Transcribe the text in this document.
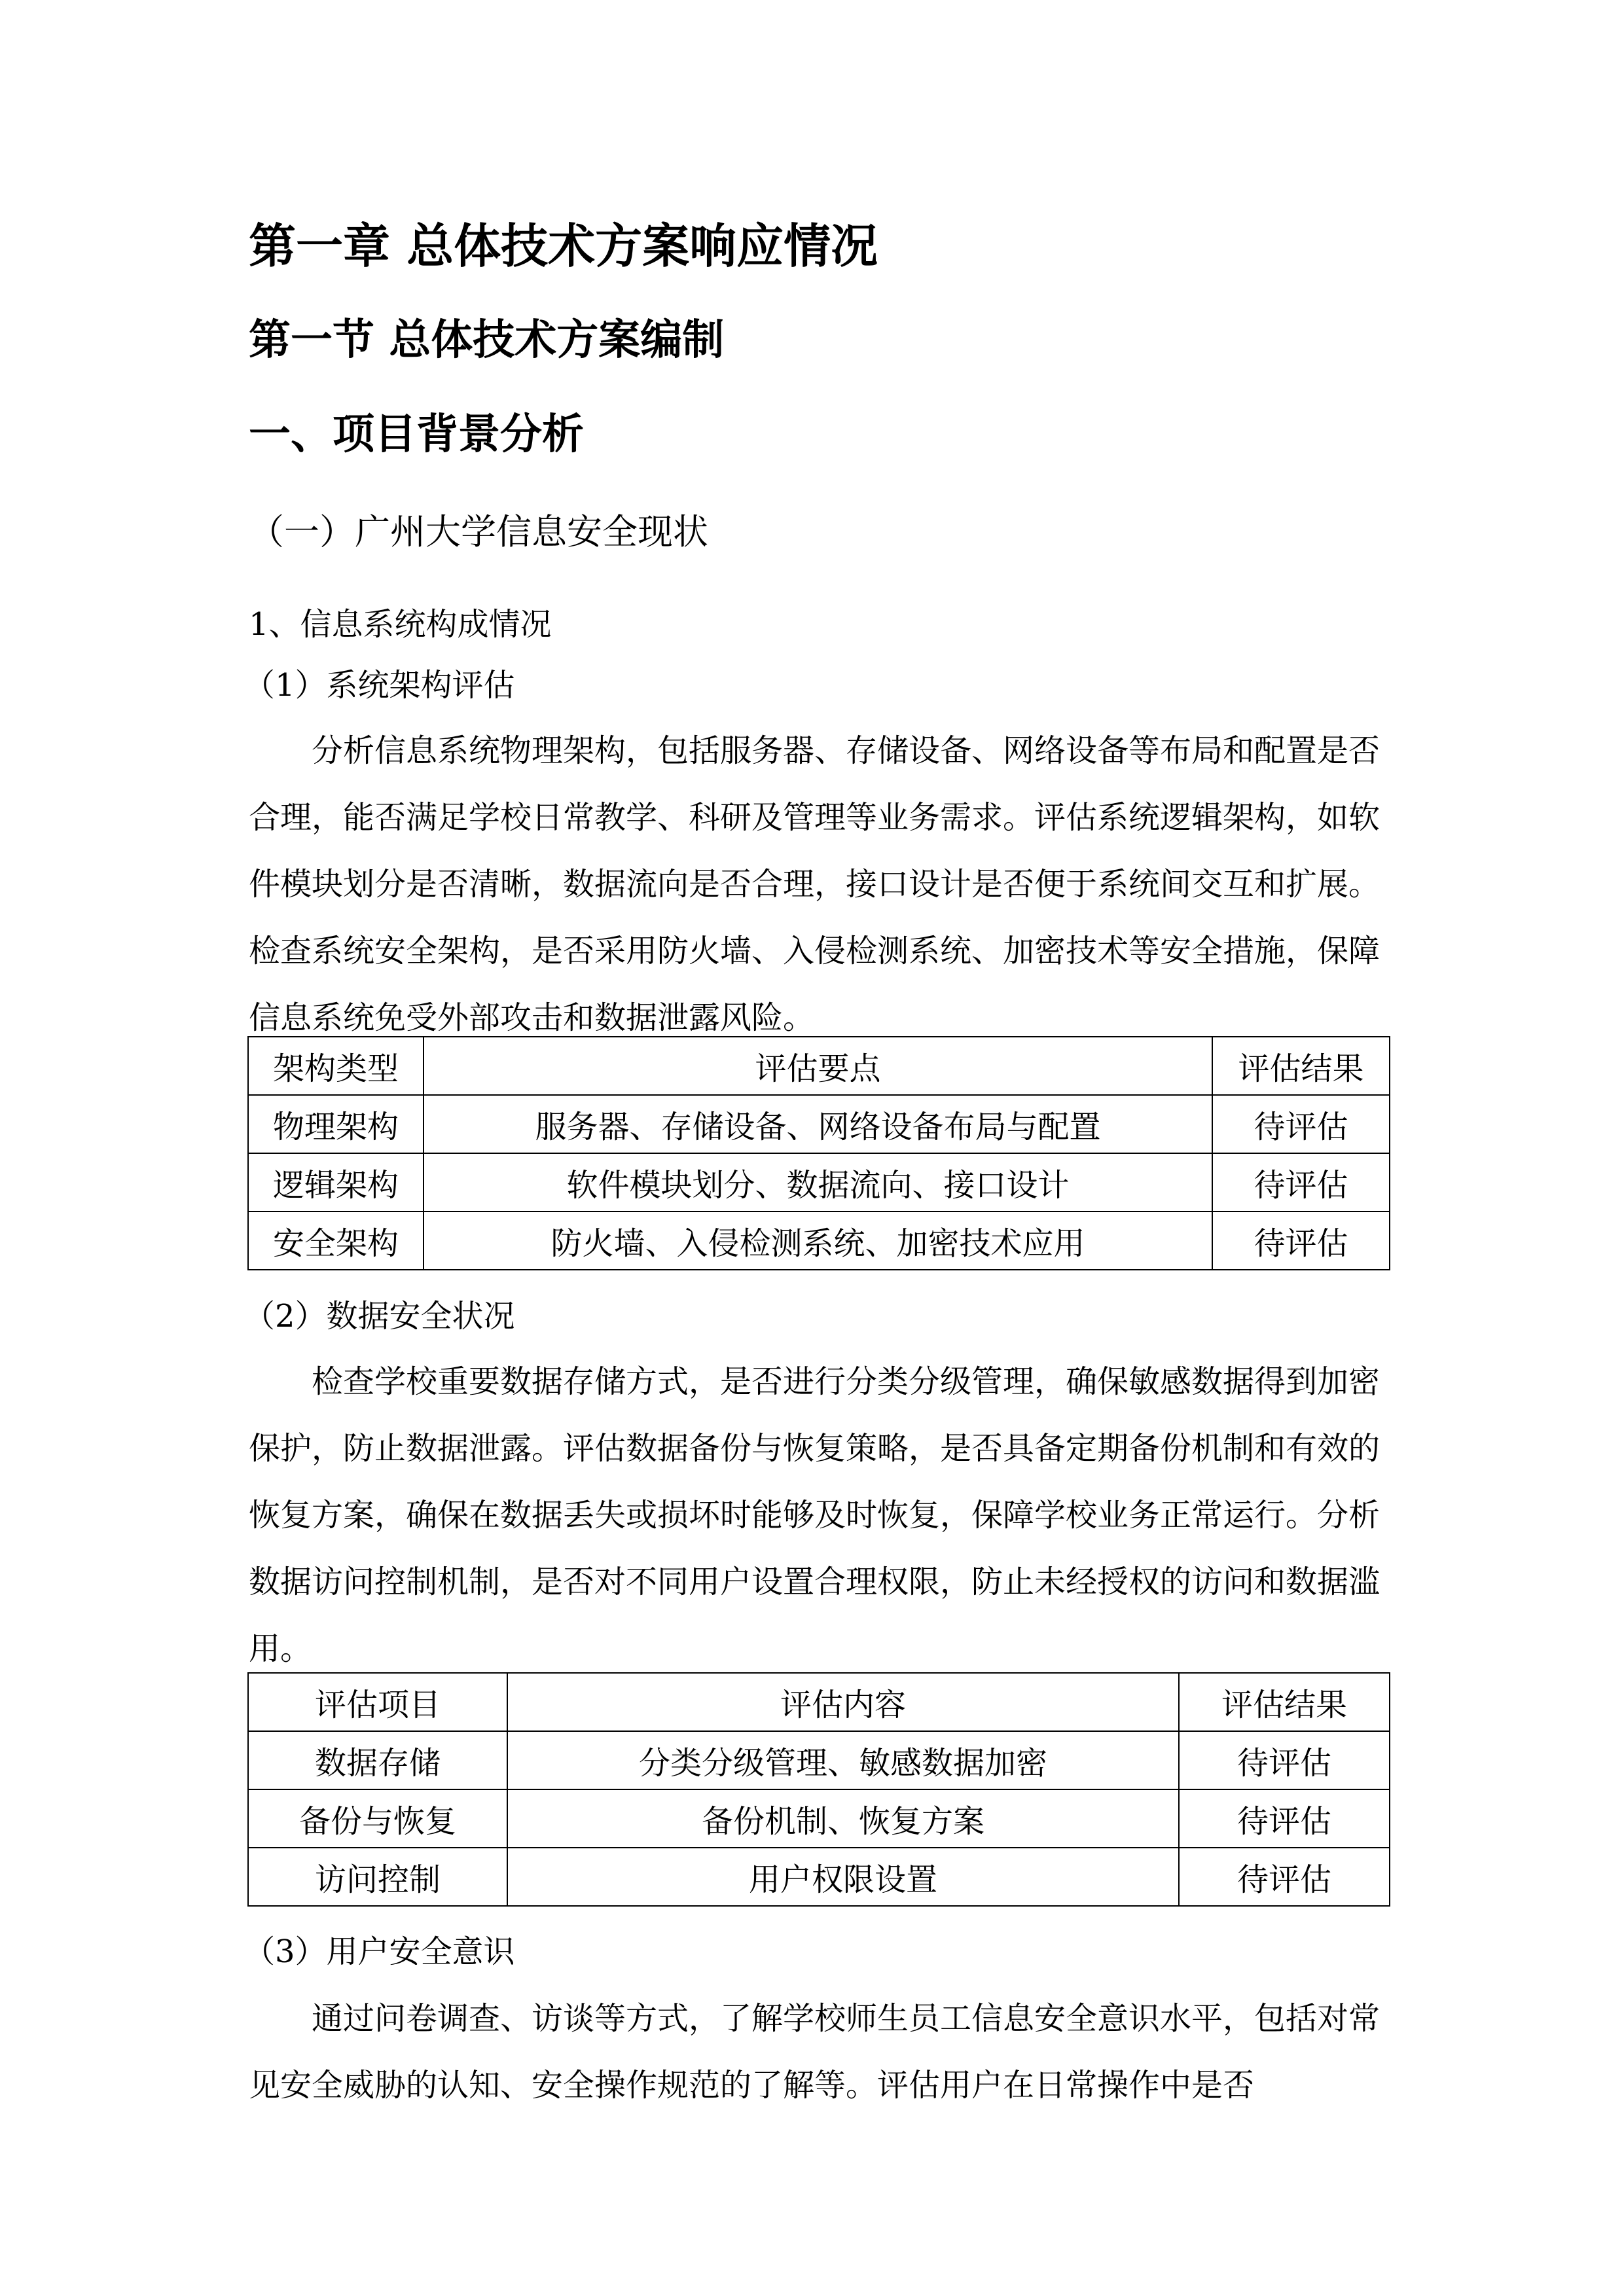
第一章 总体技术方案响应情况
第一节 总体技术方案编制
一、项目背景分析
（一）广州大学信息安全现状
1、信息系统构成情况
（1）系统架构评估

分析信息系统物理架构，包括服务器、存储设备、网络设备等布局和配置是否合理，能否满足学校日常教学、科研及管理等业务需求。评估系统逻辑架构，如软件模块划分是否清晰，数据流向是否合理，接口设计是否便于系统间交互和扩展。检查系统安全架构，是否采用防火墙、入侵检测系统、加密技术等安全措施，保障信息系统免受外部攻击和数据泄露风险。

架构类型	评估要点	评估结果
物理架构	服务器、存储设备、网络设备布局与配置	待评估
逻辑架构	软件模块划分、数据流向、接口设计	待评估
安全架构	防火墙、入侵检测系统、加密技术应用	待评估
（2）数据安全状况

检查学校重要数据存储方式，是否进行分类分级管理，确保敏感数据得到加密保护，防止数据泄露。评估数据备份与恢复策略，是否具备定期备份机制和有效的恢复方案，确保在数据丢失或损坏时能够及时恢复，保障学校业务正常运行。分析数据访问控制机制，是否对不同用户设置合理权限，防止未经授权的访问和数据滥用。

评估项目	评估内容	评估结果
数据存储	分类分级管理、敏感数据加密	待评估
备份与恢复	备份机制、恢复方案	待评估
访问控制	用户权限设置	待评估
（3）用户安全意识

通过问卷调查、访谈等方式，了解学校师生员工信息安全意识水平，包括对常见安全威胁的认知、安全操作规范的了解等。评估用户在日常操作中是否
